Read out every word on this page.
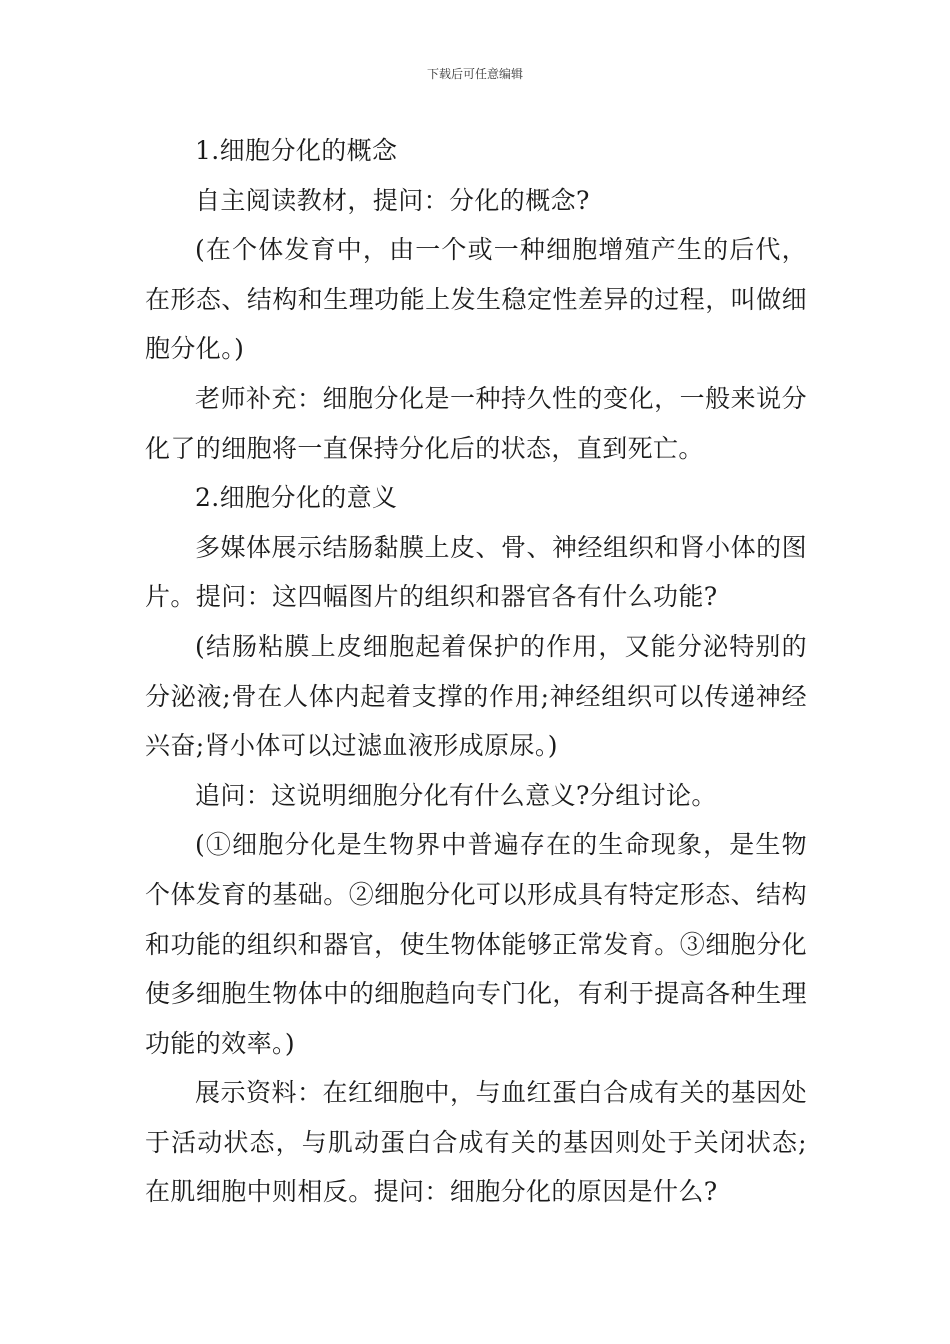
下载后可任意编辑

1.细胞分化的概念

自主阅读教材，提问：分化的概念?

(在个体发育中，由一个或一种细胞增殖产生的后代，在形态、结构和生理功能上发生稳定性差异的过程，叫做细胞分化。)

老师补充：细胞分化是一种持久性的变化，一般来说分化了的细胞将一直保持分化后的状态，直到死亡。

2.细胞分化的意义

多媒体展示结肠黏膜上皮、骨、神经组织和肾小体的图片。提问：这四幅图片的组织和器官各有什么功能?

(结肠粘膜上皮细胞起着保护的作用，又能分泌特别的分泌液;骨在人体内起着支撑的作用;神经组织可以传递神经兴奋;肾小体可以过滤血液形成原尿。)

追问：这说明细胞分化有什么意义?分组讨论。

(①细胞分化是生物界中普遍存在的生命现象，是生物个体发育的基础。②细胞分化可以形成具有特定形态、结构和功能的组织和器官，使生物体能够正常发育。③细胞分化使多细胞生物体中的细胞趋向专门化，有利于提高各种生理功能的效率。)

展示资料：在红细胞中，与血红蛋白合成有关的基因处于活动状态，与肌动蛋白合成有关的基因则处于关闭状态;在肌细胞中则相反。提问：细胞分化的原因是什么?
